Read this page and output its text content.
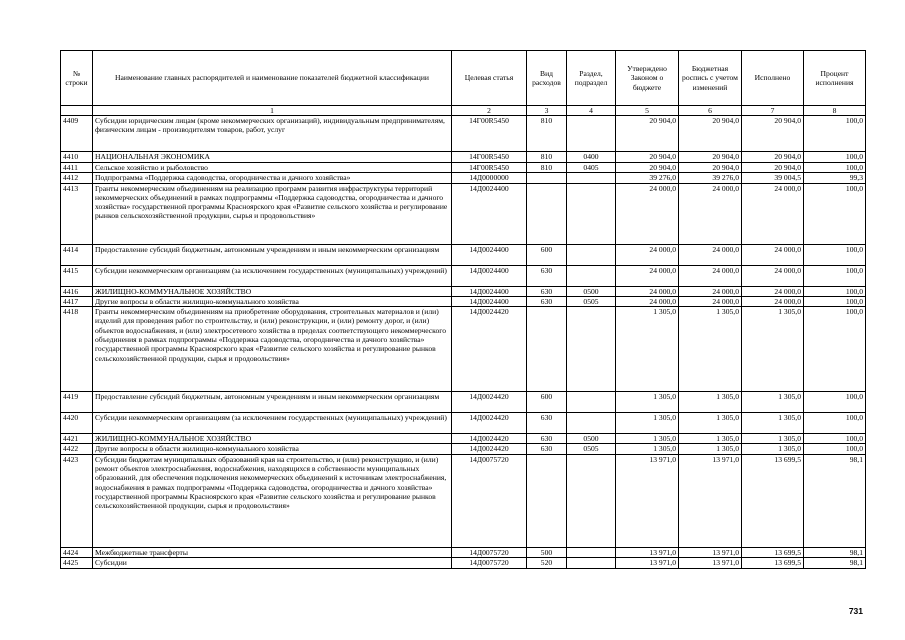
№ строки	Наименование главных распорядителей и наименование показателей бюджетной классификации	Целевая статья	Вид расходов	Раздел, подраздел	Утверждено Законом о бюджете	Бюджетная роспись с учетом изменений	Исполнено	Процент исполнения
	1	2	3	4	5	6	7	8
4409	Субсидии юридическим лицам (кроме некоммерческих организаций), индивидуальным предпринимателям, физическим лицам - производителям товаров, работ, услуг	14Г00R5450	810		20 904,0	20 904,0	20 904,0	100,0
4410	НАЦИОНАЛЬНАЯ ЭКОНОМИКА	14Г00R5450	810	0400	20 904,0	20 904,0	20 904,0	100,0
4411	Сельское хозяйство и рыболовство	14Г00R5450	810	0405	20 904,0	20 904,0	20 904,0	100,0
4412	Подпрограмма «Поддержка садоводства, огородничества и дачного хозяйства»	14Д0000000			39 276,0	39 276,0	39 004,5	99,3
4413	Гранты некоммерческим объединениям на реализацию программ развития инфраструктуры территорий некоммерческих объединений в рамках подпрограммы «Поддержка садоводства, огородничества и дачного хозяйства» государственной программы Красноярского края «Развитие сельского хозяйства и регулирование рынков сельскохозяйственной продукции, сырья и продовольствия»	14Д0024400			24 000,0	24 000,0	24 000,0	100,0
4414	Предоставление субсидий бюджетным, автономным учреждениям и иным некоммерческим организациям	14Д0024400	600		24 000,0	24 000,0	24 000,0	100,0
4415	Субсидии некоммерческим организациям (за исключением государственных (муниципальных) учреждений)	14Д0024400	630		24 000,0	24 000,0	24 000,0	100,0
4416	ЖИЛИЩНО-КОММУНАЛЬНОЕ ХОЗЯЙСТВО	14Д0024400	630	0500	24 000,0	24 000,0	24 000,0	100,0
4417	Другие вопросы в области жилищно-коммунального хозяйства	14Д0024400	630	0505	24 000,0	24 000,0	24 000,0	100,0
4418	Гранты некоммерческим объединениям на приобретение оборудования, строительных материалов и (или) изделий для проведения работ по строительству, и (или) реконструкции, и (или) ремонту дорог, и (или) объектов водоснабжения, и (или) электросетевого хозяйства в пределах соответствующего некоммерческого объединения в рамках подпрограммы «Поддержка садоводства, огородничества и дачного хозяйства» государственной программы Красноярского края «Развитие сельского хозяйства и регулирование рынков сельскохозяйственной продукции, сырья и продовольствия»	14Д0024420			1 305,0	1 305,0	1 305,0	100,0
4419	Предоставление субсидий бюджетным, автономным учреждениям и иным некоммерческим организациям	14Д0024420	600		1 305,0	1 305,0	1 305,0	100,0
4420	Субсидии некоммерческим организациям (за исключением государственных (муниципальных) учреждений)	14Д0024420	630		1 305,0	1 305,0	1 305,0	100,0
4421	ЖИЛИЩНО-КОММУНАЛЬНОЕ ХОЗЯЙСТВО	14Д0024420	630	0500	1 305,0	1 305,0	1 305,0	100,0
4422	Другие вопросы в области жилищно-коммунального хозяйства	14Д0024420	630	0505	1 305,0	1 305,0	1 305,0	100,0
4423	Субсидии бюджетам муниципальных образований края на строительство, и (или) реконструкцию, и (или) ремонт объектов электроснабжения, водоснабжения, находящихся в собственности муниципальных образований, для обеспечения подключения некоммерческих объединений к источникам электроснабжения, водоснабжения в рамках подпрограммы «Поддержка садоводства, огородничества и дачного хозяйства» государственной программы Красноярского края «Развитие сельского хозяйства и регулирование рынков сельскохозяйственной продукции, сырья и продовольствия»	14Д0075720			13 971,0	13 971,0	13 699,5	98,1
4424	Межбюджетные трансферты	14Д0075720	500		13 971,0	13 971,0	13 699,5	98,1
4425	Субсидии	14Д0075720	520		13 971,0	13 971,0	13 699,5	98,1
731
